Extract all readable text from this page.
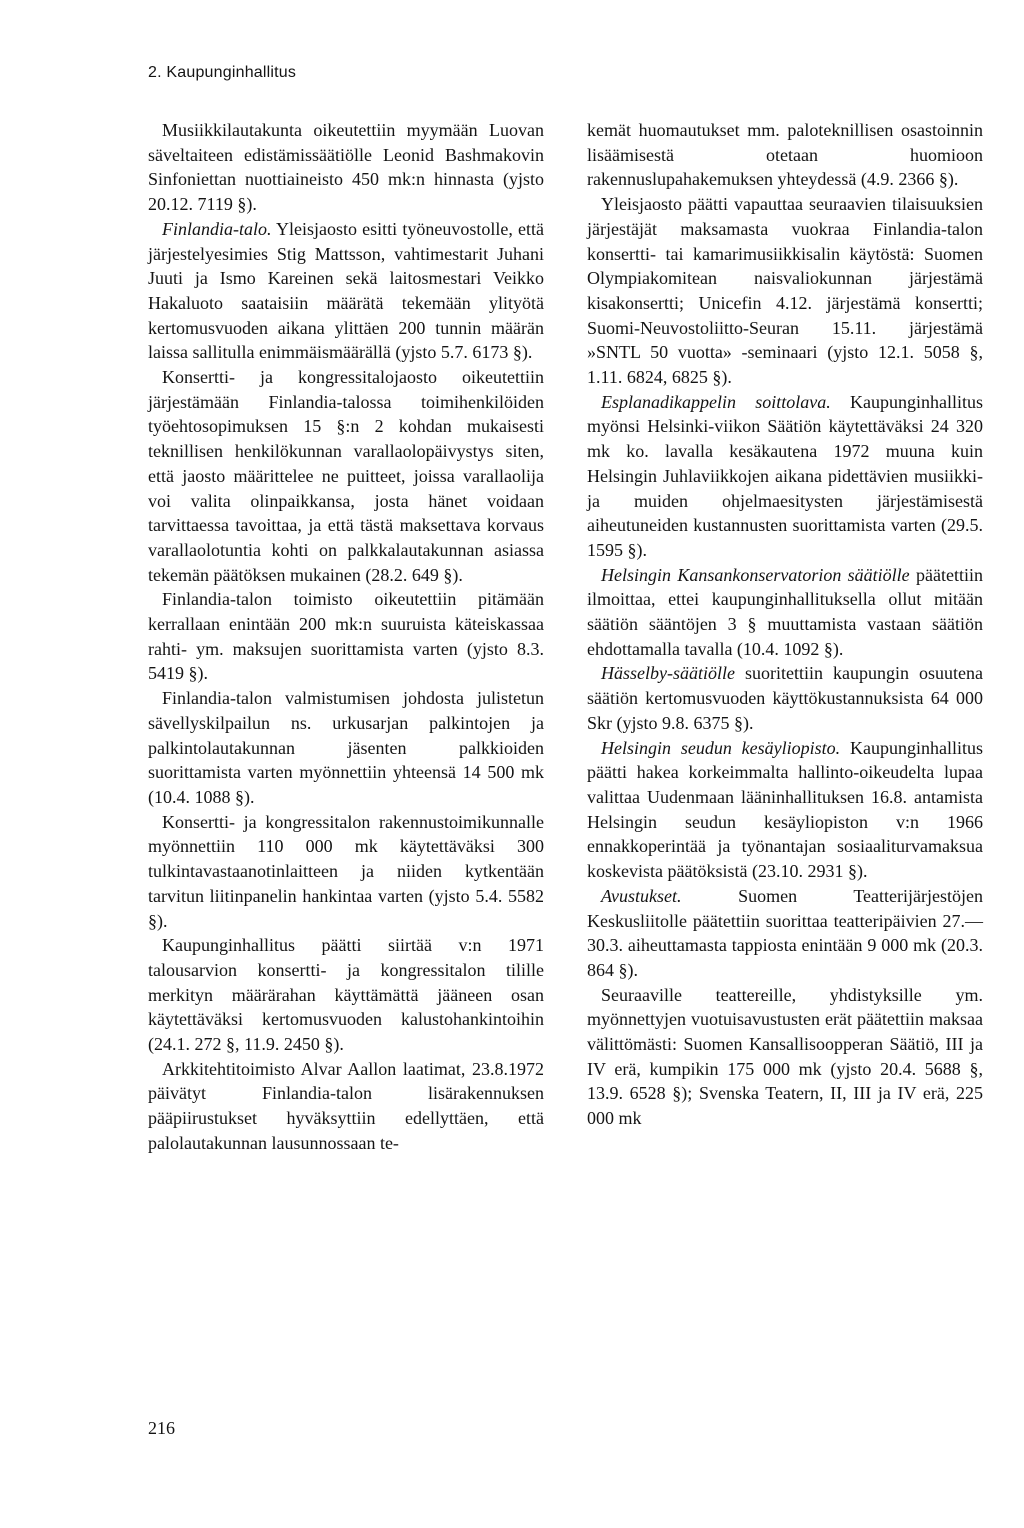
2. Kaupunginhallitus

Musiikkilautakunta oikeutettiin myymään Luovan säveltaiteen edistämissäätiölle Leonid Bashmakovin Sinfoniettan nuottiaineisto 450 mk:n hinnasta (yjsto 20.12. 7119 §).

Finlandia-talo. Yleisjaosto esitti työneuvostolle, että järjestelyesimies Stig Mattsson, vahtimestarit Juhani Juuti ja Ismo Kareinen sekä laitosmestari Veikko Hakaluoto saataisiin määrätä tekemään ylityötä kertomusvuoden aikana ylittäen 200 tunnin määrän laissa sallitulla enimmäismäärällä (yjsto 5.7. 6173 §).

Konsertti- ja kongressitalojaosto oikeutettiin järjestämään Finlandia-talossa toimihenkilöiden työehtosopimuksen 15 §:n 2 kohdan mukaisesti teknillisen henkilökunnan varallaolopäivystys siten, että jaosto määrittelee ne puitteet, joissa varallaolija voi valita olinpaikkansa, josta hänet voidaan tarvittaessa tavoittaa, ja että tästä maksettava korvaus varallaolotuntia kohti on palkkalautakunnan asiassa tekemän päätöksen mukainen (28.2. 649 §).

Finlandia-talon toimisto oikeutettiin pitämään kerrallaan enintään 200 mk:n suuruista käteiskassaa rahti- ym. maksujen suorittamista varten (yjsto 8.3. 5419 §).

Finlandia-talon valmistumisen johdosta julistetun sävellyskilpailun ns. urkusarjan palkintojen ja palkintolautakunnan jäsenten palkkioiden suorittamista varten myönnettiin yhteensä 14 500 mk (10.4. 1088 §).

Konsertti- ja kongressitalon rakennustoimikunnalle myönnettiin 110 000 mk käytettäväksi 300 tulkintavastaanotinlaitteen ja niiden kytkentään tarvitun liitinpanelin hankintaa varten (yjsto 5.4. 5582 §).

Kaupunginhallitus päätti siirtää v:n 1971 talousarvion konsertti- ja kongressitalon tilille merkityn määrärahan käyttämättä jääneen osan käytettäväksi kertomusvuoden kalustohankintoihin (24.1. 272 §, 11.9. 2450 §).

Arkkitehtitoimisto Alvar Aallon laatimat, 23.8.1972 päivätyt Finlandia-talon lisärakennuksen pääpiirustukset hyväksyttiin edellyttäen, että palolautakunnan lausunnossaan te-

kemät huomautukset mm. paloteknillisen osastoinnin lisäämisestä otetaan huomioon rakennuslupahakemuksen yhteydessä (4.9. 2366 §).

Yleisjaosto päätti vapauttaa seuraavien tilaisuuksien järjestäjät maksamasta vuokraa Finlandia-talon konsertti- tai kamarimusiikkisalin käytöstä: Suomen Olympiakomitean naisvaliokunnan järjestämä kisakonsertti; Unicefin 4.12. järjestämä konsertti; Suomi-Neuvostoliitto-Seuran 15.11. järjestämä »SNTL 50 vuotta» -seminaari (yjsto 12.1. 5058 §, 1.11. 6824, 6825 §).

Esplanadikappelin soittolava. Kaupunginhallitus myönsi Helsinki-viikon Säätiön käytettäväksi 24 320 mk ko. lavalla kesäkautena 1972 muuna kuin Helsingin Juhlaviikkojen aikana pidettävien musiikki- ja muiden ohjelmaesitysten järjestämisestä aiheutuneiden kustannusten suorittamista varten (29.5. 1595 §).

Helsingin Kansankonservatorion säätiölle päätettiin ilmoittaa, ettei kaupunginhallituksella ollut mitään säätiön sääntöjen 3 § muuttamista vastaan säätiön ehdottamalla tavalla (10.4. 1092 §).

Hässelby-säätiölle suoritettiin kaupungin osuutena säätiön kertomusvuoden käyttökustannuksista 64 000 Skr (yjsto 9.8. 6375 §).

Helsingin seudun kesäyliopisto. Kaupunginhallitus päätti hakea korkeimmalta hallinto-oikeudelta lupaa valittaa Uudenmaan lääninhallituksen 16.8. antamista Helsingin seudun kesäyliopiston v:n 1966 ennakkoperintää ja työnantajan sosiaaliturvamaksua koskevista päätöksistä (23.10. 2931 §).

Avustukset. Suomen Teatterijärjestöjen Keskusliitolle päätettiin suorittaa teatteripäivien 27.—30.3. aiheuttamasta tappiosta enintään 9 000 mk (20.3. 864 §).

Seuraaville teattereille, yhdistyksille ym. myönnettyjen vuotuisavustusten erät päätettiin maksaa välittömästi: Suomen Kansallisoopperan Säätiö, III ja IV erä, kumpikin 175 000 mk (yjsto 20.4. 5688 §, 13.9. 6528 §); Svenska Teatern, II, III ja IV erä, 225 000 mk

216
